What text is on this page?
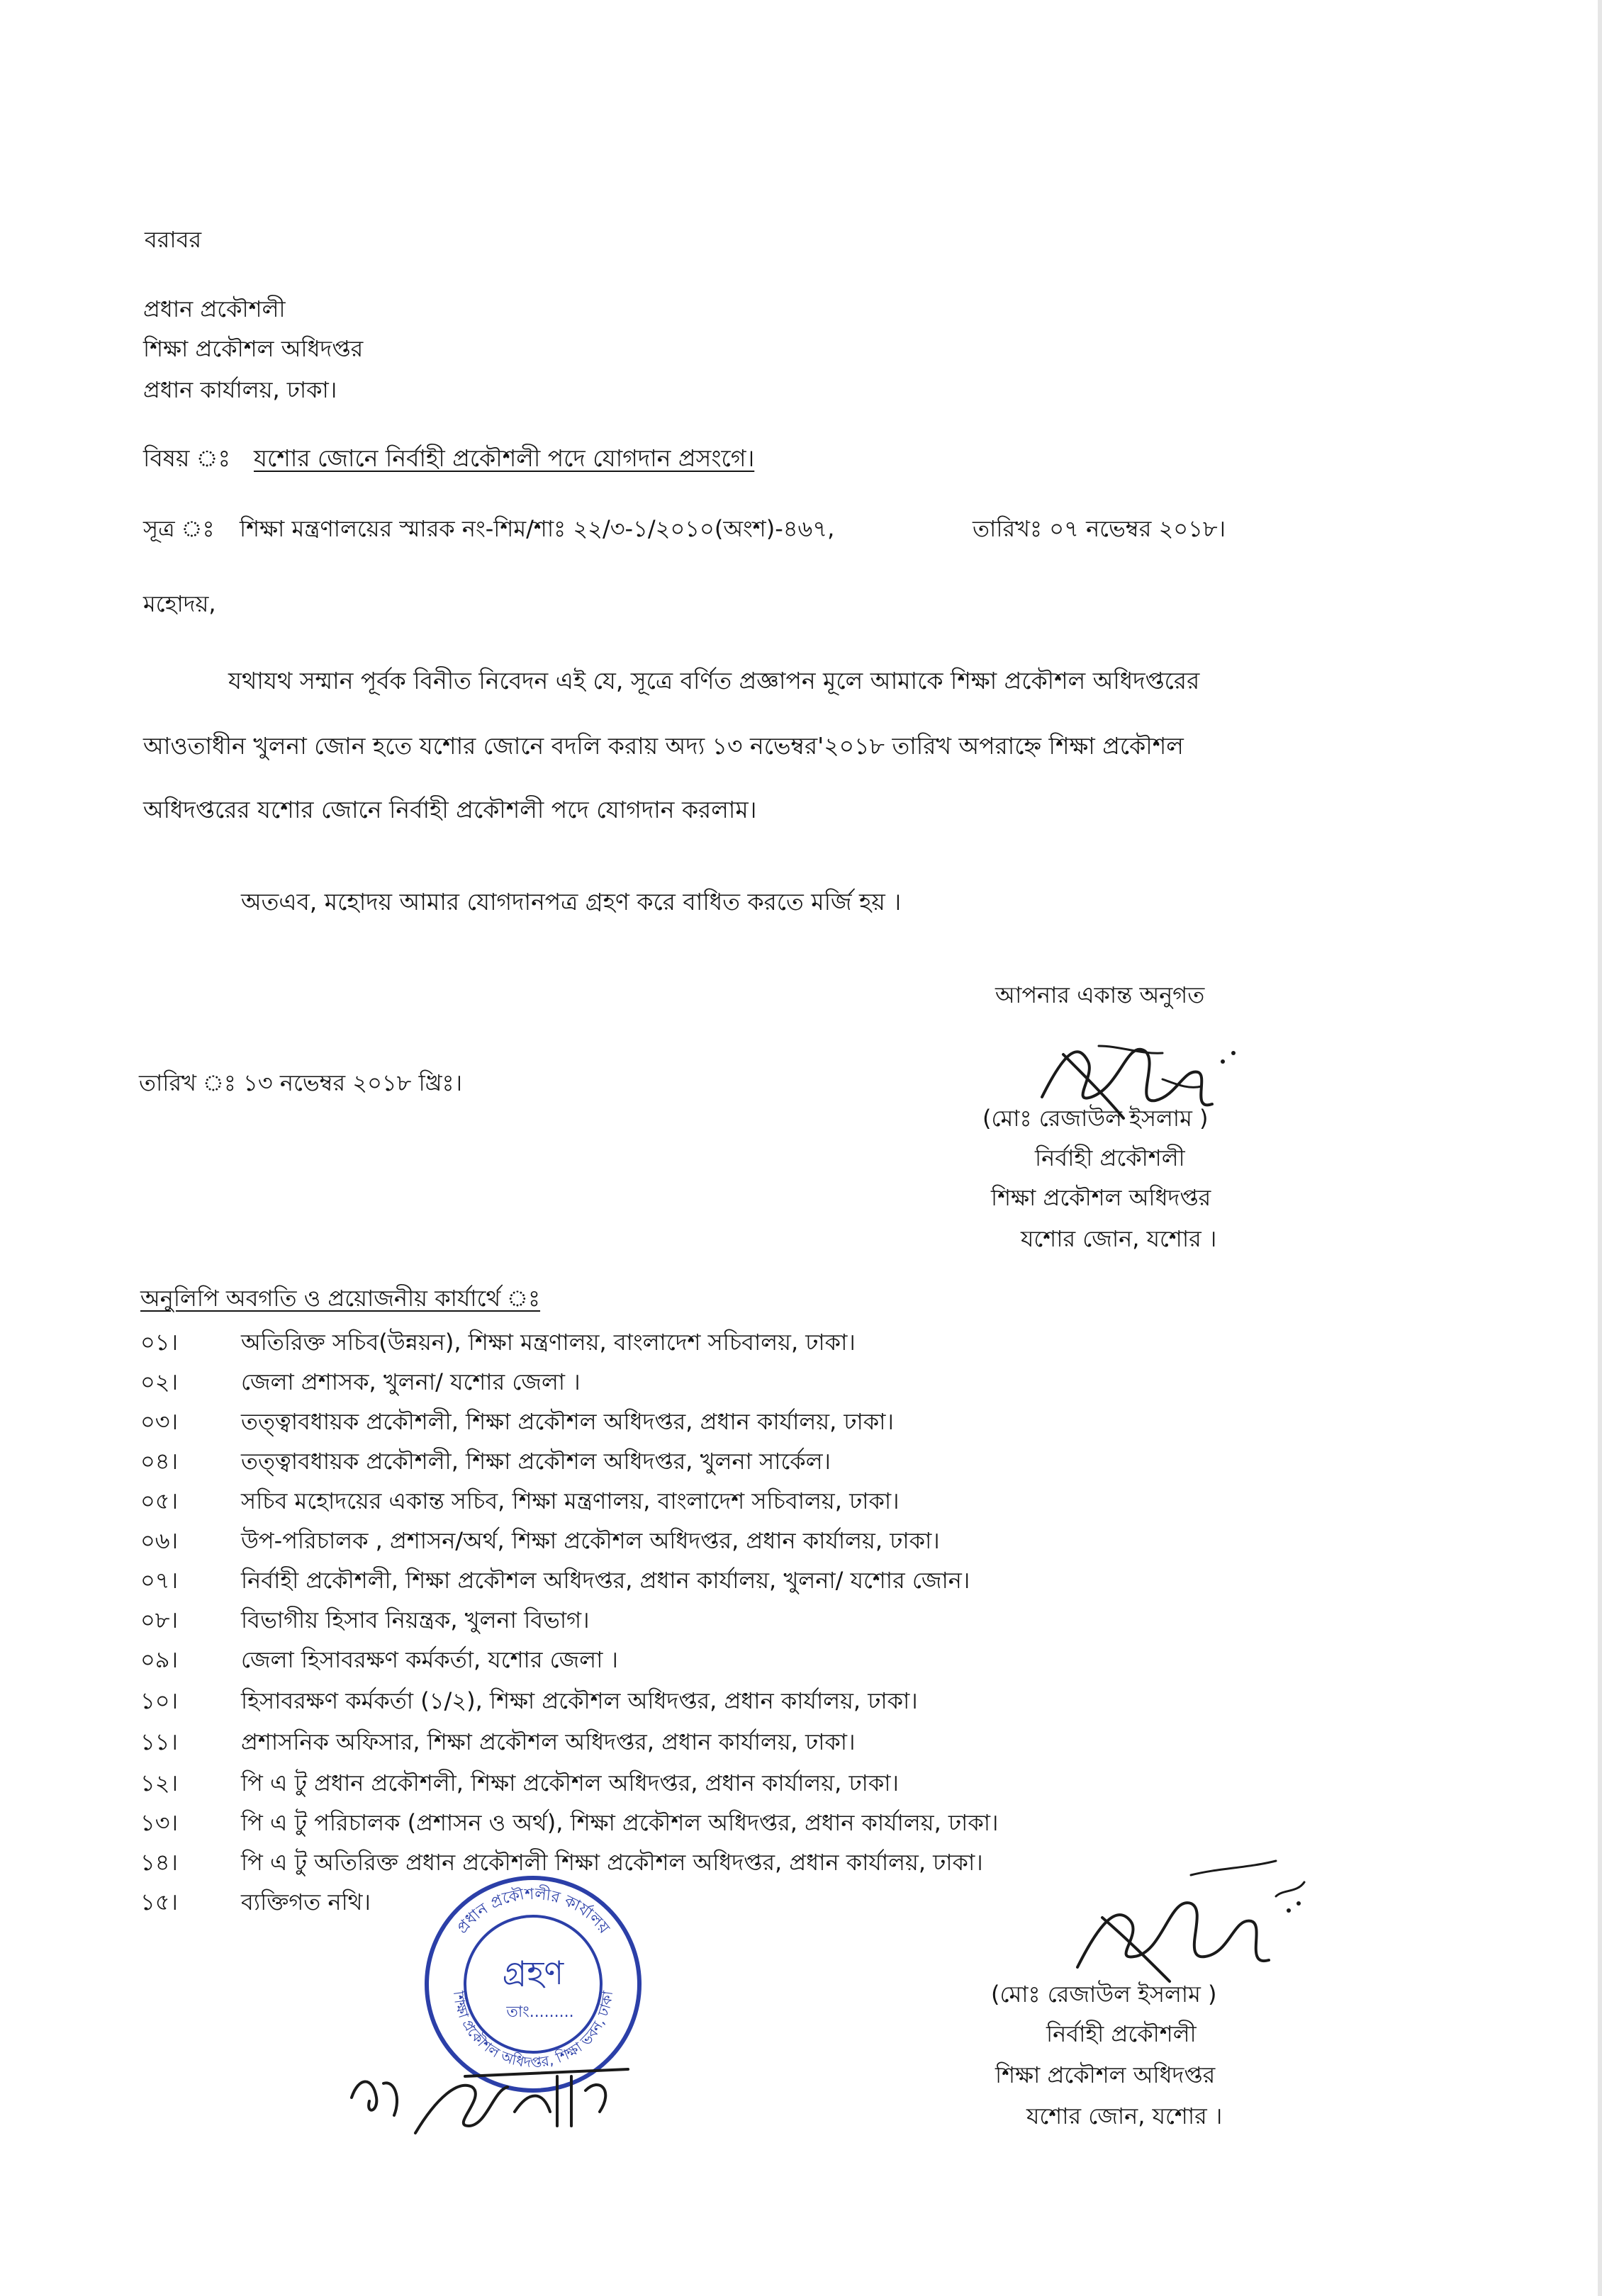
বরাবর
প্রধান প্রকৌশলী
শিক্ষা প্রকৌশল অধিদপ্তর
প্রধান কার্যালয়, ঢাকা।
বিষয় ঃ যশোর জোনে নির্বাহী প্রকৌশলী পদে যোগদান প্রসংগে।
সূত্র ঃ শিক্ষা মন্ত্রণালয়ের স্মারক নং-শিম/শাঃ ২২/৩-১/২০১০(অংশ)-৪৬৭,	তারিখঃ ০৭ নভেম্বর ২০১৮।
মহোদয়,
যথাযথ সম্মান পূর্বক বিনীত নিবেদন এই যে, সূত্রে বর্ণিত প্রজ্ঞাপন মূলে আমাকে শিক্ষা প্রকৌশল অধিদপ্তরের
আওতাধীন খুলনা জোন হতে যশোর জোনে বদলি করায় অদ্য ১৩ নভেম্বর'২০১৮ তারিখ অপরাহ্নে শিক্ষা প্রকৌশল
অধিদপ্তরের যশোর জোনে নির্বাহী প্রকৌশলী পদে যোগদান করলাম।
অতএব, মহোদয় আমার যোগদানপত্র গ্রহণ করে বাধিত করতে মর্জি হয় ।
আপনার একান্ত অনুগত
তারিখ ঃ ১৩ নভেম্বর ২০১৮ খ্রিঃ।
(মোঃ রেজাউল ইসলাম )
নির্বাহী প্রকৌশলী
শিক্ষা প্রকৌশল অধিদপ্তর
যশোর জোন, যশোর ।
অনুলিপি অবগতি ও প্রয়োজনীয় কার্যার্থে ঃ
০১।	অতিরিক্ত সচিব(উন্নয়ন), শিক্ষা মন্ত্রণালয়, বাংলাদেশ সচিবালয়, ঢাকা।
০২।	জেলা প্রশাসক, খুলনা/ যশোর জেলা ।
০৩।	তত্ত্বাবধায়ক প্রকৌশলী, শিক্ষা প্রকৌশল অধিদপ্তর, প্রধান কার্যালয়, ঢাকা।
০৪।	তত্ত্বাবধায়ক প্রকৌশলী, শিক্ষা প্রকৌশল অধিদপ্তর, খুলনা সার্কেল।
০৫।	সচিব মহোদয়ের একান্ত সচিব, শিক্ষা মন্ত্রণালয়, বাংলাদেশ সচিবালয়, ঢাকা।
০৬।	উপ-পরিচালক , প্রশাসন/অর্থ, শিক্ষা প্রকৌশল অধিদপ্তর, প্রধান কার্যালয়, ঢাকা।
০৭।	নির্বাহী প্রকৌশলী, শিক্ষা প্রকৌশল অধিদপ্তর, প্রধান কার্যালয়, খুলনা/ যশোর জোন।
০৮।	বিভাগীয় হিসাব নিয়ন্ত্রক, খুলনা বিভাগ।
০৯।	জেলা হিসাবরক্ষণ কর্মকর্তা, যশোর জেলা ।
১০।	হিসাবরক্ষণ কর্মকর্তা (১/২), শিক্ষা প্রকৌশল অধিদপ্তর, প্রধান কার্যালয়, ঢাকা।
১১।	প্রশাসনিক অফিসার, শিক্ষা প্রকৌশল অধিদপ্তর, প্রধান কার্যালয়, ঢাকা।
১২।	পি এ টু প্রধান প্রকৌশলী, শিক্ষা প্রকৌশল অধিদপ্তর, প্রধান কার্যালয়, ঢাকা।
১৩।	পি এ টু পরিচালক (প্রশাসন ও অর্থ), শিক্ষা প্রকৌশল অধিদপ্তর, প্রধান কার্যালয়, ঢাকা।
১৪।	পি এ টু অতিরিক্ত প্রধান প্রকৌশলী শিক্ষা প্রকৌশল অধিদপ্তর, প্রধান কার্যালয়, ঢাকা।
১৫।	ব্যক্তিগত নথি।
প্রধান প্রকৌশলীর কার্যালয়
শিক্ষা প্রকৌশল অধিদপ্তর, শিক্ষা ভবন, ঢাকা
গ্রহণ
তাং.........
(মোঃ রেজাউল ইসলাম )
নির্বাহী প্রকৌশলী
শিক্ষা প্রকৌশল অধিদপ্তর
যশোর জোন, যশোর ।
